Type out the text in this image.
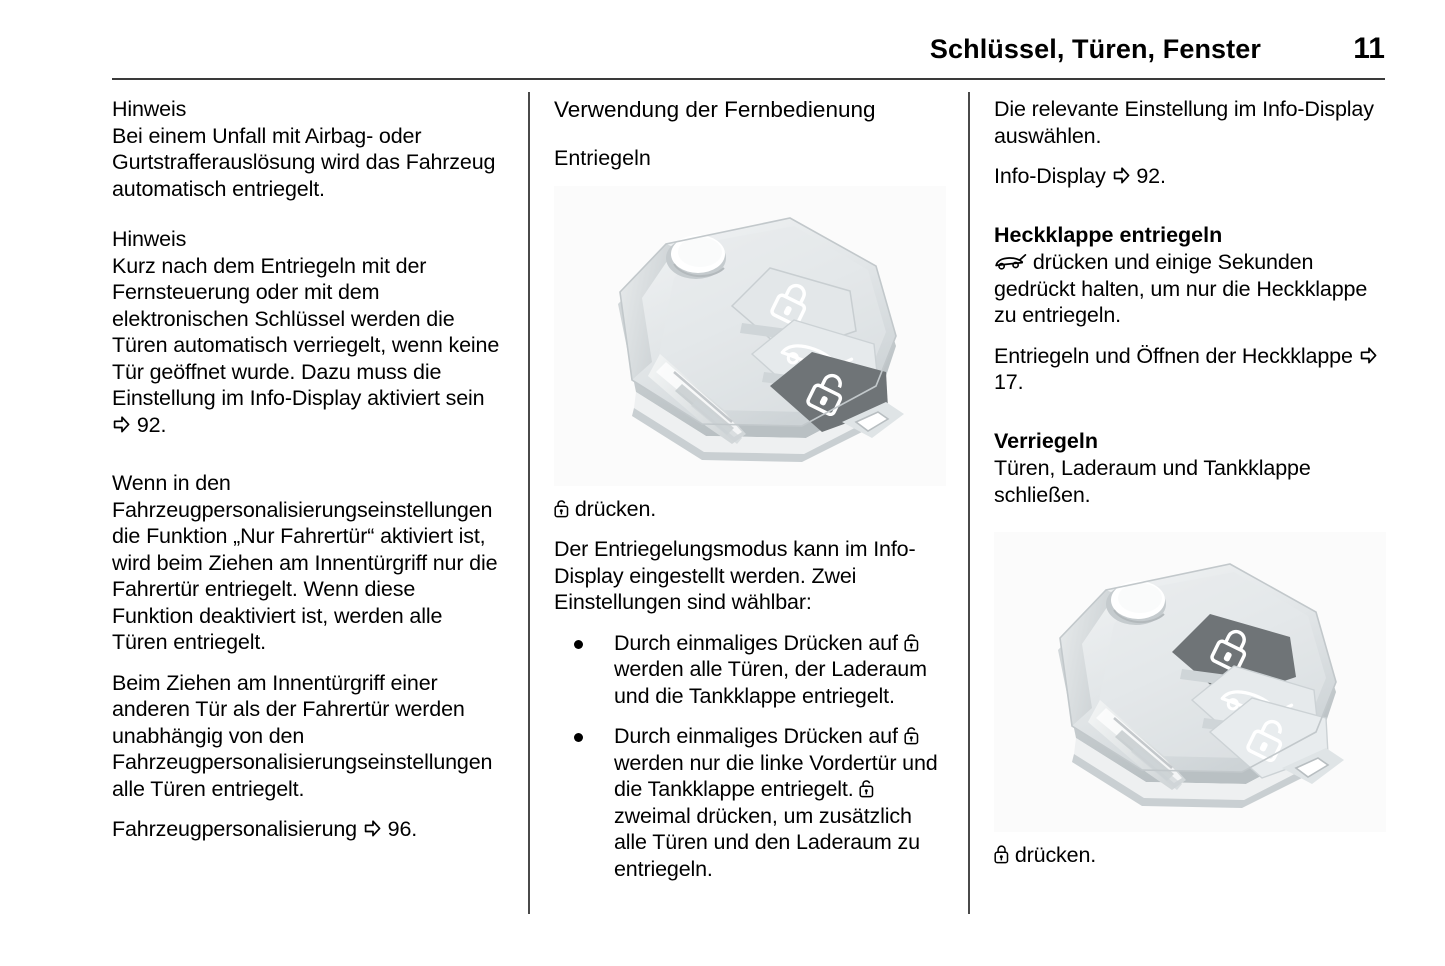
Schlüssel, Türen, Fenster	11

Hinweis

Bei einem Unfall mit Airbag- oder Gurtstrafferauslösung wird das Fahrzeug automatisch entriegelt.

Hinweis

Kurz nach dem Entriegeln mit der Fernsteuerung oder mit dem elektronischen Schlüssel werden die Türen automatisch verriegelt, wenn keine Tür geöffnet wurde. Dazu muss die Einstellung im Info-Display aktiviert sein 92.

Wenn in den Fahrzeugpersonalisierungseinstellungen die Funktion „Nur Fahrertür“ aktiviert ist, wird beim Ziehen am Innentürgriff nur die Fahrertür entriegelt. Wenn diese Funktion deaktiviert ist, werden alle Türen entriegelt.

Beim Ziehen am Innentürgriff einer anderen Tür als der Fahrertür werden unabhängig von den Fahrzeugpersonalisierungseinstellungen alle Türen entriegelt.

Fahrzeugpersonalisierung 96.

Verwendung der Fernbedienung
Entriegeln

drücken.

Der Entriegelungsmodus kann im Info-Display eingestellt werden. Zwei Einstellungen sind wählbar:

Durch einmaliges Drücken auf
werden alle Türen, der Laderaum und die Tankklappe entriegelt.
Durch einmaliges Drücken auf
werden nur die linke Vordertür und die Tankklappe entriegelt.
zweimal drücken, um zusätzlich alle Türen und den Laderaum zu entriegeln.

Die relevante Einstellung im Info-Display auswählen.

Info-Display 92.

Heckklappe entriegeln

drücken und einige Sekunden gedrückt halten, um nur die Heckklappe zu entriegeln.

Entriegeln und Öffnen der Heckklappe  17.

Verriegeln

Türen, Laderaum und Tankklappe schließen.

drücken.
